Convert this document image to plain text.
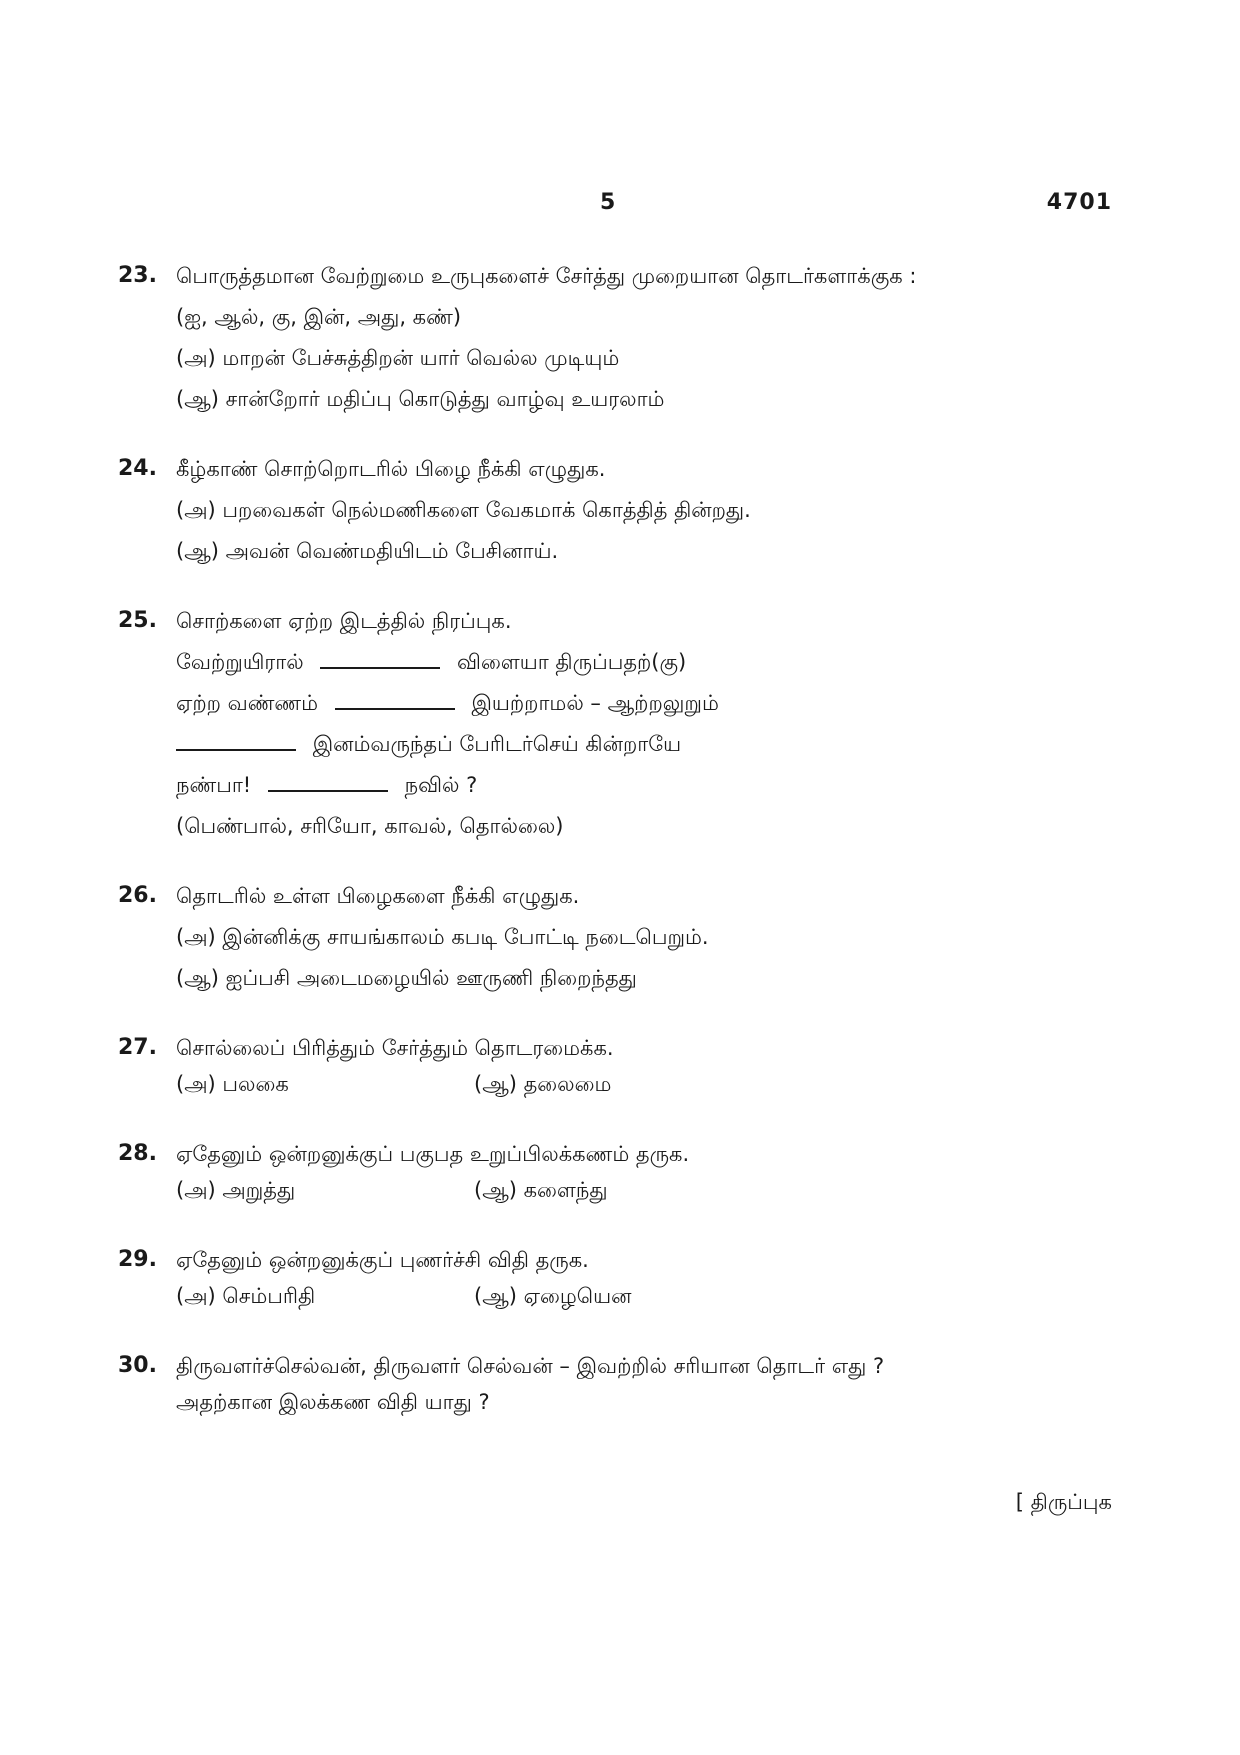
5	4701
23. பொருத்தமான வேற்றுமை உருபுகளைச் சேர்த்து முறையான தொடர்களாக்குக :
(ஐ, ஆல், கு, இன், அது, கண்)
(அ) மாறன் பேச்சுத்திறன் யார் வெல்ல முடியும்
(ஆ) சான்றோர் மதிப்பு கொடுத்து வாழ்வு உயரலாம்
24. கீழ்காண் சொற்றொடரில் பிழை நீக்கி எழுதுக.
(அ) பறவைகள் நெல்மணிகளை வேகமாக் கொத்தித் தின்றது.
(ஆ) அவன் வெண்மதியிடம் பேசினாய்.
25. சொற்களை ஏற்ற இடத்தில் நிரப்புக.
வேற்றுயிரால்	விளையா திருப்பதற்(கு)
ஏற்ற வண்ணம்	இயற்றாமல் – ஆற்றலுறும்
இனம்வருந்தப் பேரிடர்செய் கின்றாயே
நண்பா!	நவில் ?
(பெண்பால், சரியோ, காவல், தொல்லை)
26. தொடரில் உள்ள பிழைகளை நீக்கி எழுதுக.
(அ) இன்னிக்கு சாயங்காலம் கபடி போட்டி நடைபெறும்.
(ஆ) ஐப்பசி அடைமழையில் ஊருணி நிறைந்தது
27. சொல்லைப் பிரித்தும் சேர்த்தும் தொடரமைக்க.
(அ) பலகை	(ஆ) தலைமை
28. ஏதேனும் ஒன்றனுக்குப் பகுபத உறுப்பிலக்கணம் தருக.
(அ) அறுத்து	(ஆ) களைந்து
29. ஏதேனும் ஒன்றனுக்குப் புணர்ச்சி விதி தருக.
(அ) செம்பரிதி	(ஆ) ஏழையென
30. திருவளர்ச்செல்வன், திருவளர் செல்வன் – இவற்றில் சரியான தொடர் எது ?
அதற்கான இலக்கண விதி யாது ?
[ திருப்புக
